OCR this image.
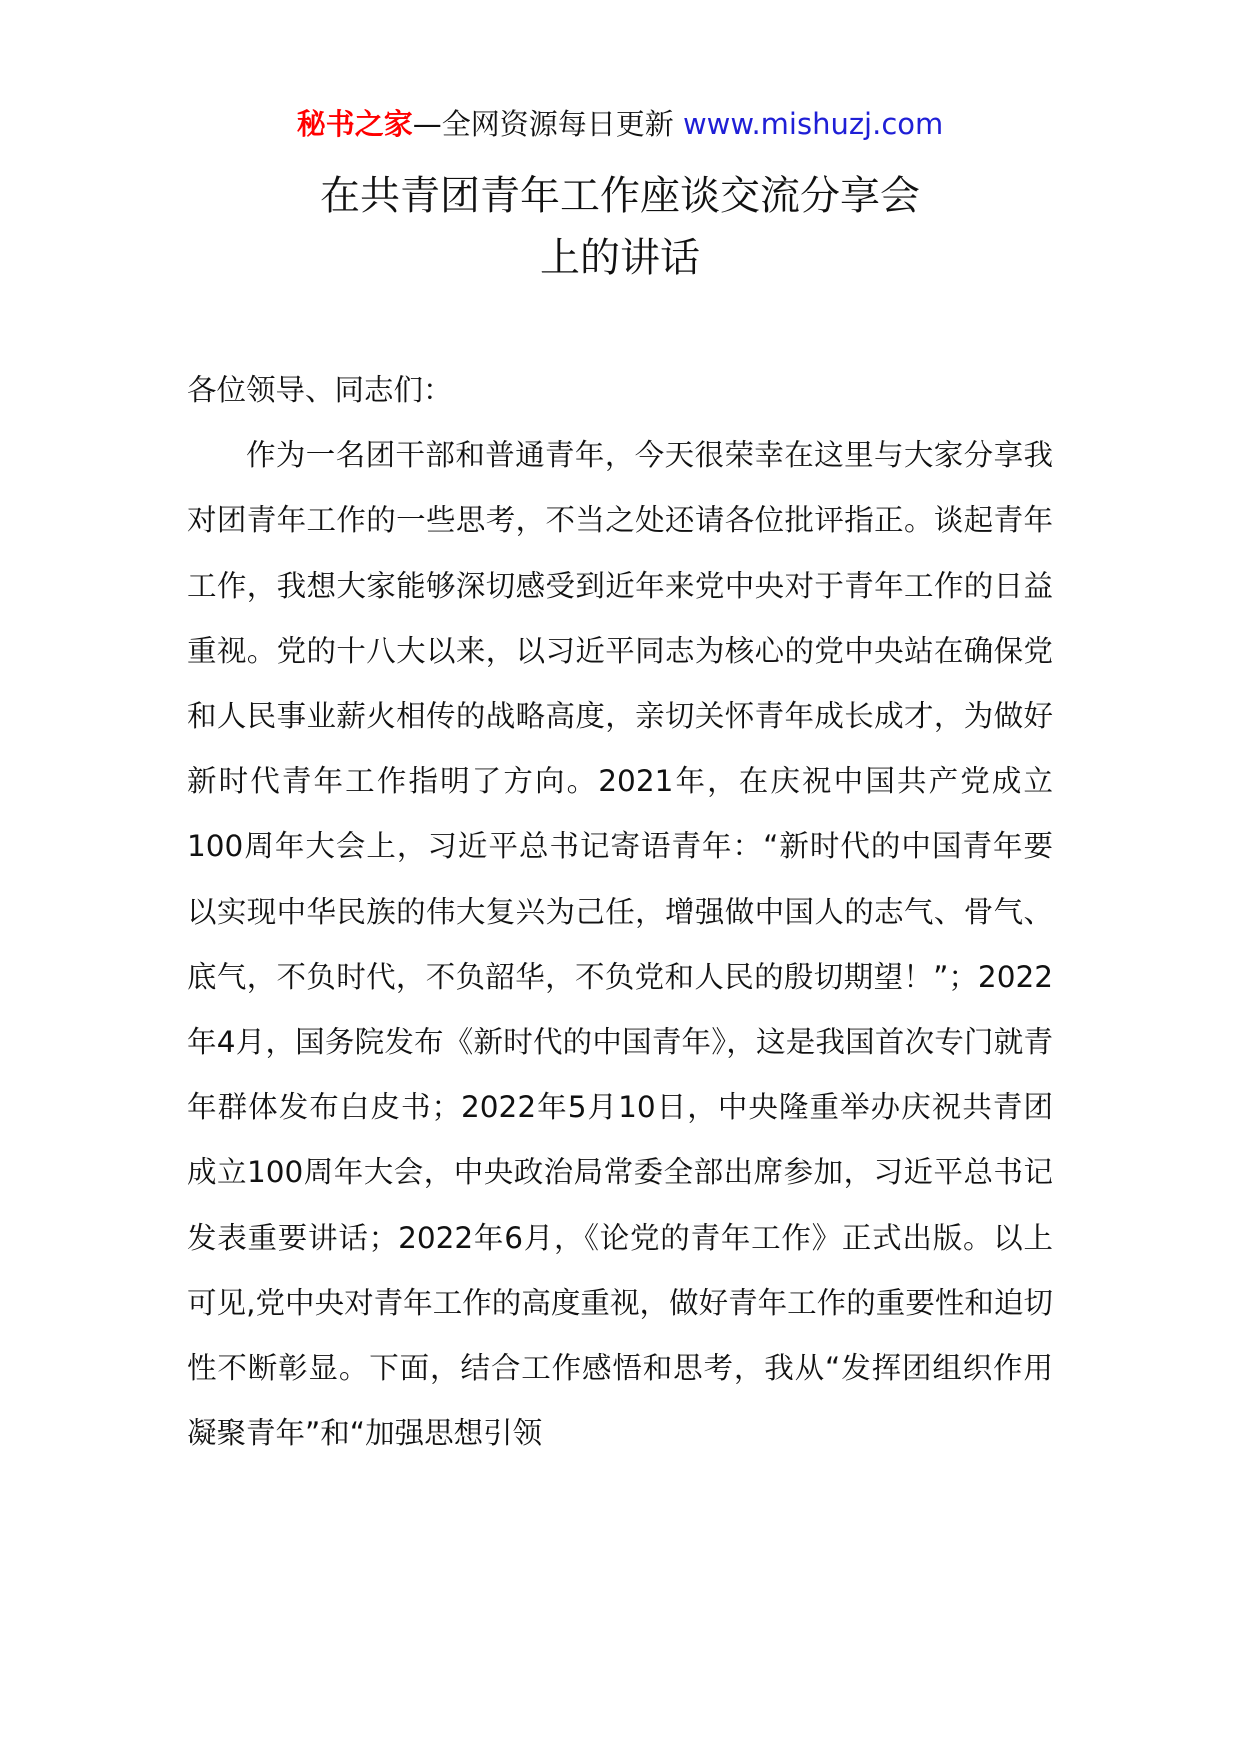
秘书之家—全网资源每日更新 www.mishuzj.com
在共青团青年工作座谈交流分享会
上的讲话
各位领导、同志们：
作为一名团干部和普通青年，今天很荣幸在这里与大家分享我对团青年工作的一些思考，不当之处还请各位批评指正。谈起青年工作，我想大家能够深切感受到近年来党中央对于青年工作的日益重视。党的十八大以来，以习近平同志为核心的党中央站在确保党和人民事业薪火相传的战略高度，亲切关怀青年成长成才，为做好新时代青年工作指明了方向。2021年，在庆祝中国共产党成立100周年大会上，习近平总书记寄语青年：“新时代的中国青年要以实现中华民族的伟大复兴为己任，增强做中国人的志气、骨气、底气，不负时代，不负韶华，不负党和人民的殷切期望！”；2022年4月，国务院发布《新时代的中国青年》，这是我国首次专门就青年群体发布白皮书；2022年5月10日，中央隆重举办庆祝共青团成立100周年大会，中央政治局常委全部出席参加，习近平总书记发表重要讲话；2022年6月，《论党的青年工作》正式出版。以上可见,党中央对青年工作的高度重视，做好青年工作的重要性和迫切性不断彰显。下面，结合工作感悟和思考，我从“发挥团组织作用凝聚青年”和“加强思想引领
